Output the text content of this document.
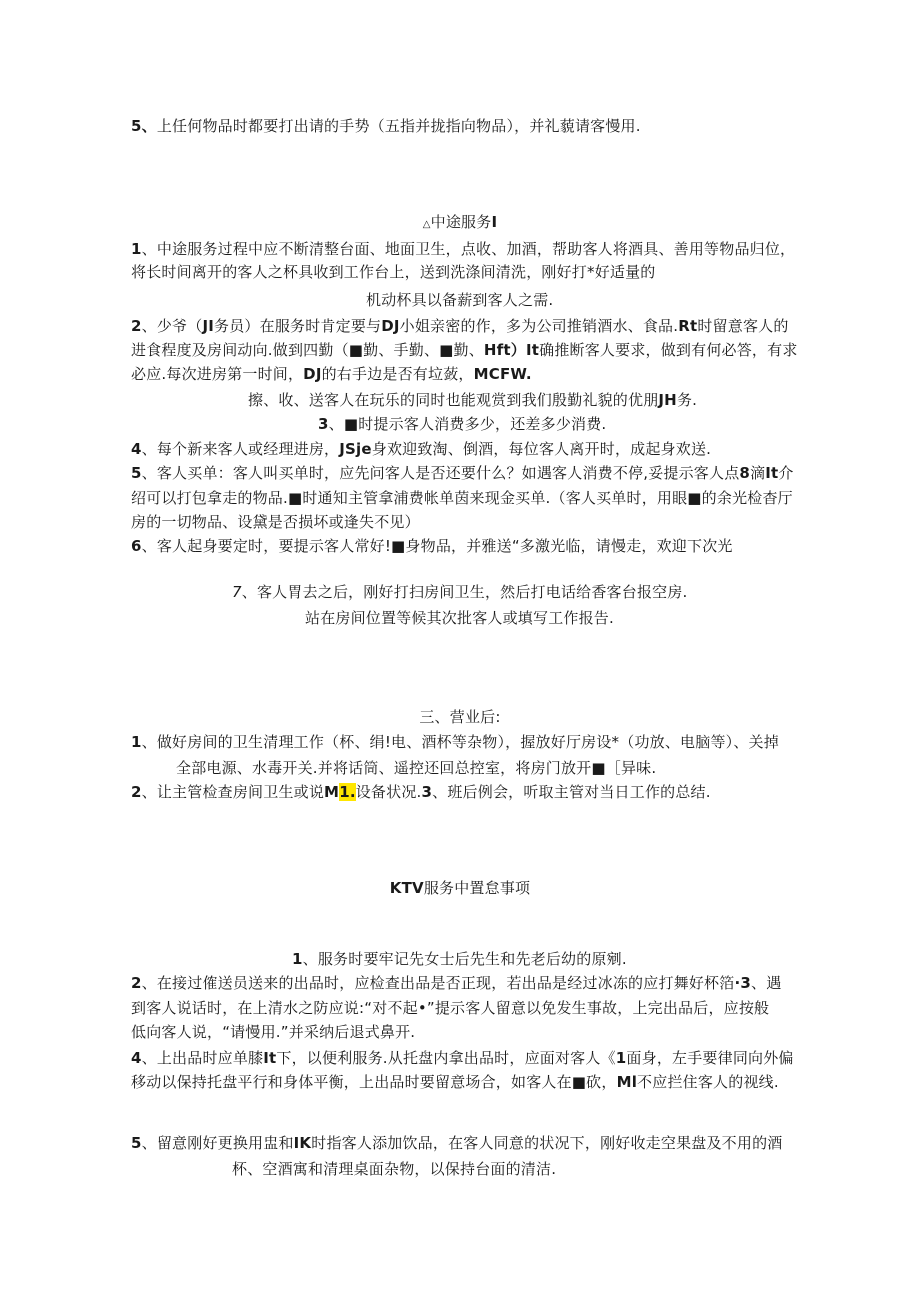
5、上任何物品时都要打出请的手势（五指并拢指向物品），并礼藐请客慢用.
△中途服务I
1、中途服务过程中应不断清整台面、地面卫生，点收、加酒，帮助客人将酒具、善用等物品归位，
将长时间离开的客人之杯具收到工作台上，送到洗涤间清洗，刚好打*好适量的
机动杯具以备薪到客人之需.
2、少爷（JI务员）在服务时肯定要与DJ小姐亲密的作，多为公司推销酒水、食品.Rt时留意客人的
进食程度及房间动向.做到四勤（■勤、手勤、■勤、Hft）It确推断客人要求，做到有何必答，有求
必应.每次进房第一时间，DJ的右手边是否有垃蔹，MCFW.
擦、收、送客人在玩乐的同时也能观赏到我们殷勤礼貌的优朋JH务.
3、■时提示客人消费多少，还差多少消费.
4、每个新来客人或经理进房，JSje身欢迎致淘、倒酒，每位客人离开时，成起身欢送.
5、客人买单：客人叫买单时，应先问客人是否还要什么？如遇客人消费不停,妥提示客人点8滴It介
绍可以打包拿走的物品.■时通知主管拿浦费帐单茵来现金买单.（客人买单时，用眼■的余光检杳厅
房的一切物品、设黛是否损坏或逢失不见）
6、客人起身要定时，要提示客人常好!■身物品，并雅送“多激光临，请慢走，欢迎下次光
7、客人胃去之后，刚好打扫房间卫生，然后打电话给香客台报空房.
站在房间位置等候其次批客人或填写工作报告.
三、营业后:
1、做好房间的卫生清理工作（杯、绢!电、酒杯等杂物），握放好厅房设*（功放、电脑等）、关掉
全部电源、水毒开关.并将话筒、遥控还回总控室，将房门放开■［异味.
2、让主管检查房间卫生或说M1.设备状况.3、班后例会，听取主管对当日工作的总结.
KTV服务中置怠事项
1、服务时要牢记先女士后先生和先老后幼的原剜.
2、在接过傕送员送来的出品时，应检查出品是否正现，若出品是经过冰冻的应打舞好杯箔·3、遇
到客人说话时，在上清水之防应说:“对不起•”提示客人留意以免发生事故，上完出品后，应按般
低向客人说，“请慢用.”并采纳后退式鼻开.
4、上出品时应单膝It下，以便利服务.从托盘内拿出品时，应面对客人《1面身，左手要律同向外偏
移动以保持托盘平行和身体平衡，上出品时要留意场合，如客人在■砍，Ml不应拦住客人的视线.
5、留意刚好更换用盅和IK时指客人添加饮品，在客人同意的状况下，刚好收走空果盘及不用的酒
杯、空酒寓和清理桌面杂物，以保持台面的清洁.
